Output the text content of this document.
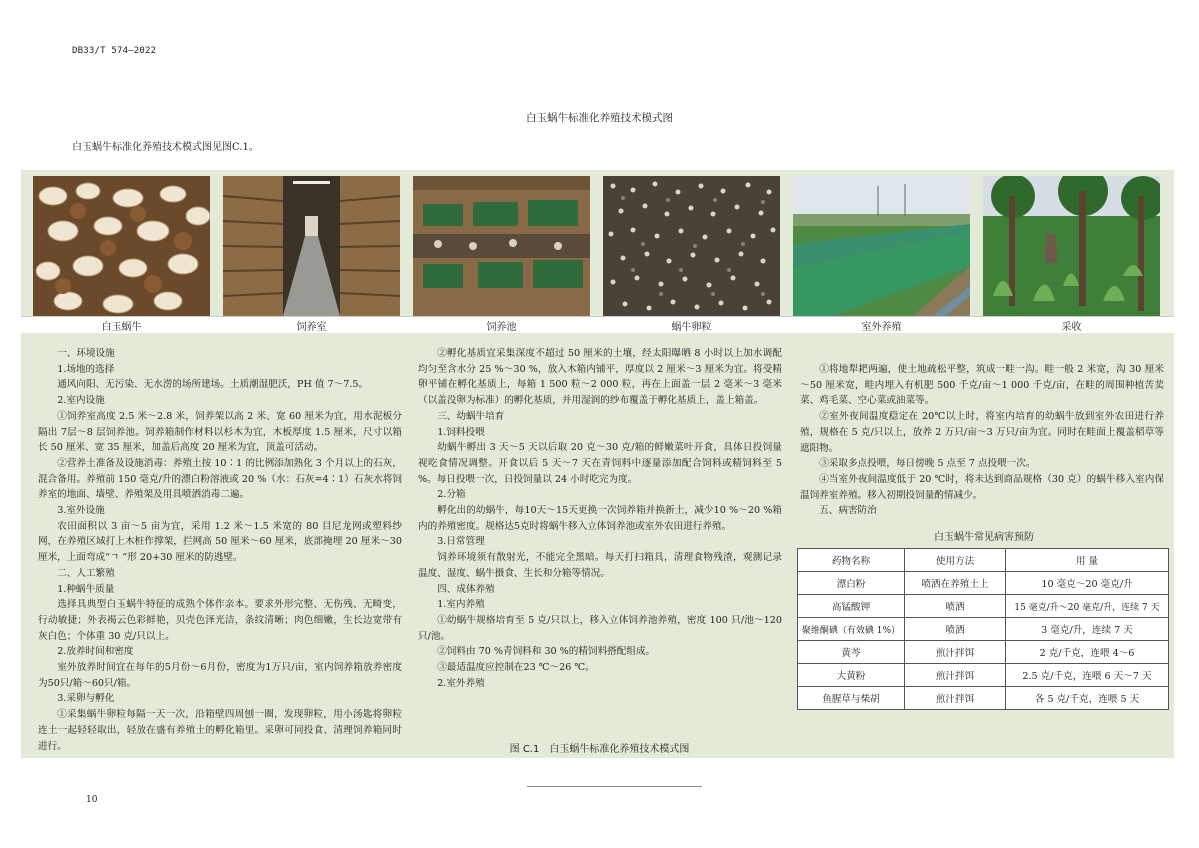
DB33/T 574—2022
白玉蜗牛标准化养殖技术模式图
白玉蜗牛标准化养殖技术模式图见图C.1。
白玉蜗牛	饲养室	饲养池	蜗牛卵粒	室外养殖	采收

一、环境设施

1.场地的选择

通风向阳、无污染、无水涝的场所建场。土质潮湿肥沃，PH 值 7～7.5。

2.室内设施

①饲养室高度 2.5 米～2.8 米，饲养架以高 2 米、宽 60 厘米为宜，用水泥板分隔出 7层～8 层饲养池。饲养箱制作材料以杉木为宜，木板厚度 1.5 厘米，尺寸以箱长 50 厘米、宽 35 厘米，加盖后高度 20 厘米为宜，顶盖可活动。

②营养土准备及设施消毒：养殖土按 10∶1 的比例添加熟化 3 个月以上的石灰，混合备用。养殖前 150 毫克/升的漂白粉溶液或 20 %（水：石灰=4∶1）石灰水将饲养室的地面、墙壁、养殖架及用具喷洒消毒二遍。

3.室外设施

农田面积以 3 亩～5 亩为宜，采用 1.2 米～1.5 米宽的 80 目尼龙网或塑料纱网，在养殖区域打上木桩作撑架，拦网高 50 厘米～60 厘米，底部掩埋 20 厘米～30 厘米，上面弯成“ㄱ ”形 20+30 厘米的防逃壁。

二、人工繁殖

1.种蜗牛质量

选择具典型白玉蜗牛特征的成熟个体作亲本。要求外形完整、无伤残、无畸变，行动敏捷；外表褐云色彩鲜艳，贝壳色泽光洁，条纹清晰；肉色细嫩，生长边宽带有灰白色；个体重 30 克/只以上。

2.放养时间和密度

室外放养时间宜在每年的5月份～6月份，密度为1万只/亩，室内饲养箱放养密度为50只/箱～60只/箱。

3.采卵与孵化

①采集蜗牛卵粒每隔一天一次，沿箱壁四周刨一圈，发现卵粒，用小汤匙将卵粒连土一起轻轻取出，轻放在盛有养殖土的孵化箱里。采卵可同投食、清理饲养箱同时进行。

②孵化基质宜采集深度不超过 50 厘米的土壤，经太阳曝晒 8 小时以上加水调配均匀至含水分 25 %～30 %，放入木箱内铺平，厚度以 2 厘米～3 厘米为宜。将受精卵平铺在孵化基质上，每箱 1 500 粒～2 000 粒，再在上面盖一层 2 毫米～3 毫米（以盖没卵为标准）的孵化基质，并用湿润的纱布覆盖于孵化基质上，盖上箱盖。

三、幼蜗牛培育

1.饲料投喂

幼蜗牛孵出 3 天～5 天以后取 20 克～30 克/箱的鲜嫩菜叶开食，具体日投饲量视吃食情况调整。开食以后 5 天～7 天在青饲料中逐量添加配合饲料或精饲料至 5 %。每日投喂一次，日投饲量以 24 小时吃完为度。

2.分箱

孵化出的幼蜗牛，每10天～15天更换一次饲养箱并换新土，减少10 %～20 %箱内的养殖密度。规格达5克时将蜗牛移入立体饲养池或室外农田进行养殖。

3.日常管理

饲养环境须有散射光，不能完全黑暗。每天打扫箱具，清理食物残渣，观测记录温度、湿度、蜗牛摄食、生长和分箱等情况。

四、成体养殖

1.室内养殖

①幼蜗牛规格培育至 5 克/只以上，移入立体饲养池养殖，密度 100 只/池～120 只/池。

②饲料由 70 %青饲料和 30 %的精饲料搭配组成。

③最适温度应控制在23 ℃～26 ℃。

2.室外养殖

①将地犁耙两遍，使土地疏松平整，筑成一畦一沟。畦一般 2 米宽，沟 30 厘米～50 厘米宽，畦内埋入有机肥 500 千克/亩～1 000 千克/亩，在畦的周围种植苦荬菜、鸡毛菜、空心菜或油菜等。

②室外夜间温度稳定在 20℃以上时，将室内培育的幼蜗牛放到室外农田进行养殖，规格在 5 克/只以上，放养 2 万只/亩～3 万只/亩为宜。同时在畦面上覆盖稻草等遮阳物。

③采取多点投喂，每日傍晚 5 点至 7 点投喂一次。

④当室外夜间温度低于 20 ℃时，将未达到商品规格（30 克）的蜗牛移入室内保温饲养室养殖。移入初期投饲量酌情减少。

五、病害防治

白玉蜗牛常见病害预防
药物名称	使用方法	用 量
漂白粉	喷洒在养殖土上	10 毫克～20 毫克/升
高锰酸钾	喷洒	15 毫克/升～20 毫克/升，连续 7 天
聚维酮碘（有效碘 1%）	喷洒	3 毫克/升，连续 7 天
黄芩	煎汁拌饵	2 克/千克，连喂 4～6
大黄粉	煎汁拌饵	2.5 克/千克，连喂 6 天～7 天
鱼腥草与柴胡	煎汁拌饵	各 5 克/千克，连喂 5 天
图 C.1　白玉蜗牛标准化养殖技术模式图
10
